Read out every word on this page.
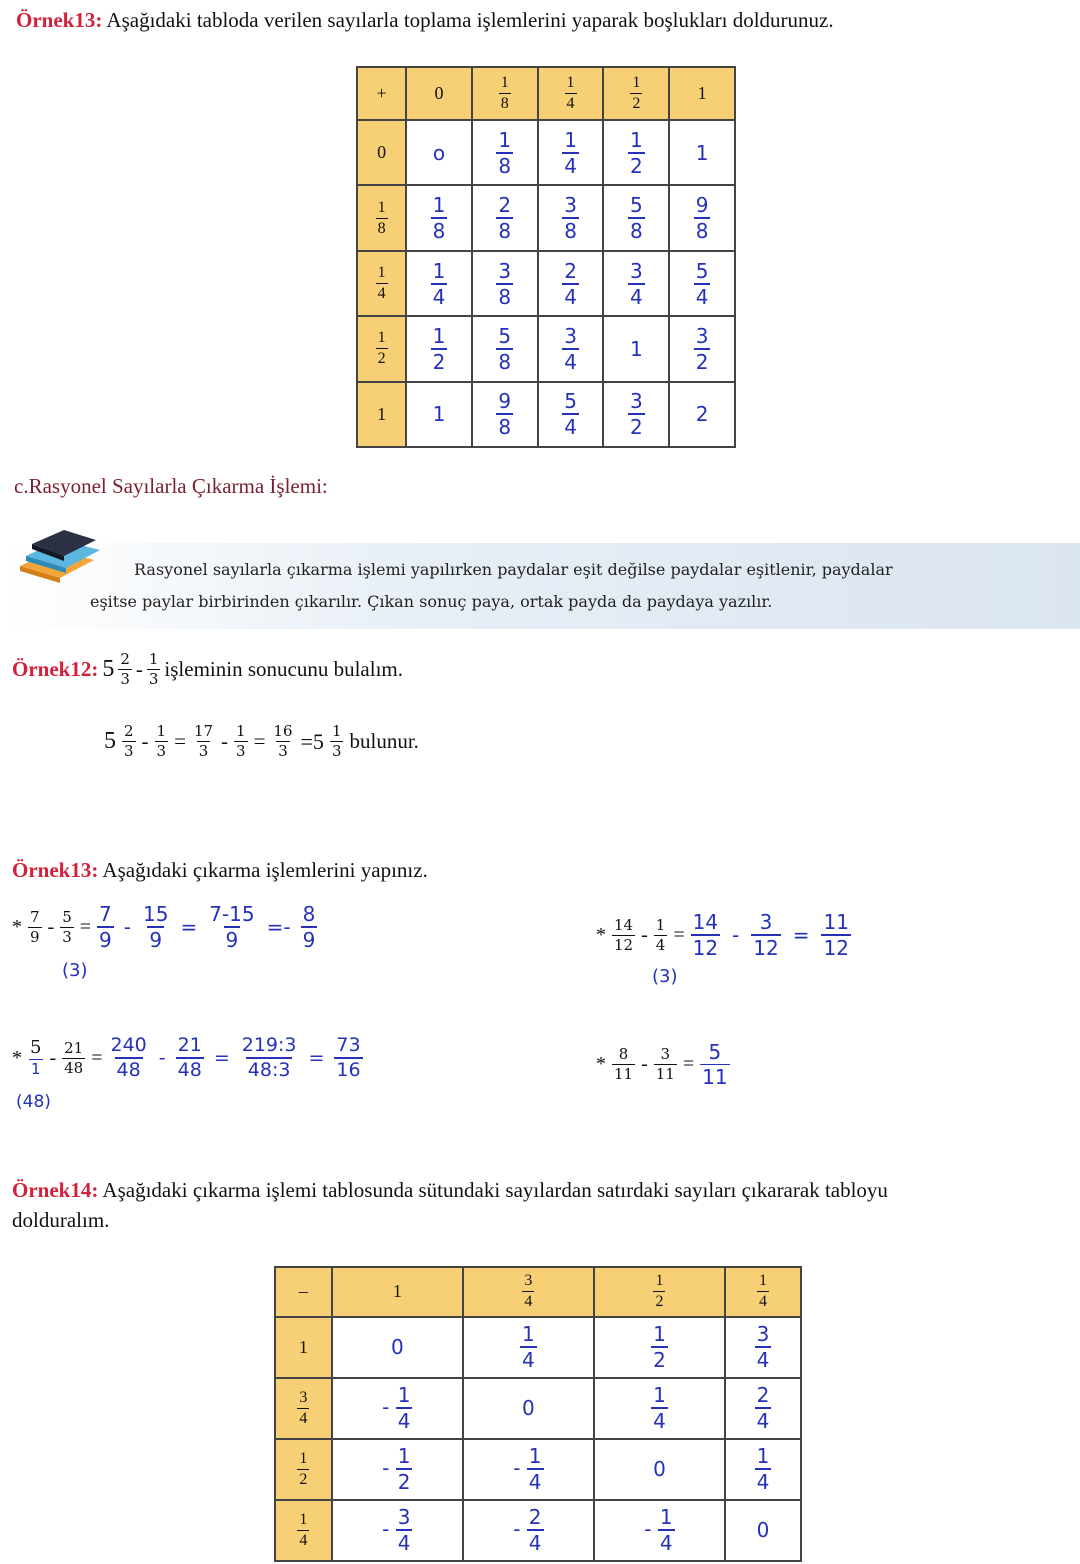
Örnek13: Aşağıdaki tabloda verilen sayılarla toplama işlemlerini yaparak boşlukları doldurunuz.
+	0	$\frac{1}{8}$	$\frac{1}{4}$	$\frac{1}{2}$	1
0	o	$\frac{1}{8}$	$\frac{1}{4}$	$\frac{1}{2}$	1

$\frac{1}{8}$	$\frac{1}{8}$	$\frac{2}{8}$	$\frac{3}{8}$	$\frac{5}{8}$	$\frac{9}{8}$

$\frac{1}{4}$	$\frac{1}{4}$	$\frac{3}{8}$	$\frac{2}{4}$	$\frac{3}{4}$	$\frac{5}{4}$

$\frac{1}{2}$	$\frac{1}{2}$	$\frac{5}{8}$	$\frac{3}{4}$	1	$\frac{3}{2}$

1	1	$\frac{9}{8}$	$\frac{5}{4}$	$\frac{3}{2}$	2
c.Rasyonel Sayılarla Çıkarma İşlemi:
Rasyonel sayılarla çıkarma işlemi yapılırken paydalar eşit değilse paydalar eşitlenir, paydalar
eşitse paylar birbirinden çıkarılır. Çıkan sonuç paya, ortak payda da paydaya yazılır.
Örnek12: 5 2
3 - 1
3 işleminin sonucunu bulalım.
5 2
$3 - \frac{1}{3} = \frac{17}{3} - \frac{1}{3} = \frac{16}{3} =5$ 1
3 bulunur.
Örnek13: Aşağıdaki çıkarma işlemlerini yapınız.
* $\frac{7}{9} - \frac{5}{3} = \frac{7}{9} - \frac{15}{9} = \frac{7-15}{9} =- \frac{8}{9}$
(3)
* $\frac{14}{12} - \frac{1}{4} = \frac{14}{12} - \frac{3}{12} = \frac{11}{12}$
(3)
* 5
1
- $\frac{21}{48} = \frac{240}{48} - \frac{21}{48} = \frac{219:3}{48:3} = \frac{73}{16}$
(48)
* $\frac{8}{11} - \frac{3}{11} = \frac{5}{11}$
Örnek14: Aşağıdaki çıkarma işlemi tablosunda sütundaki sayılardan satırdaki sayıları çıkararak tabloyu
dolduralım.
–	1	$\frac{3}{4}$	$\frac{1}{2}$	$\frac{1}{4}$

1	0	$\frac{1}{4}$	$\frac{1}{2}$	$\frac{3}{4}$

$\frac{3}{4}$	- $\frac{1}{4}$	0	$\frac{1}{4}$	$\frac{2}{4}$

$\frac{1}{2}$	- $\frac{1}{2}$	- $\frac{1}{4}$	0	$\frac{1}{4}$

$\frac{1}{4}$	- $\frac{3}{4}$	- $\frac{2}{4}$	- $\frac{1}{4}$	0
